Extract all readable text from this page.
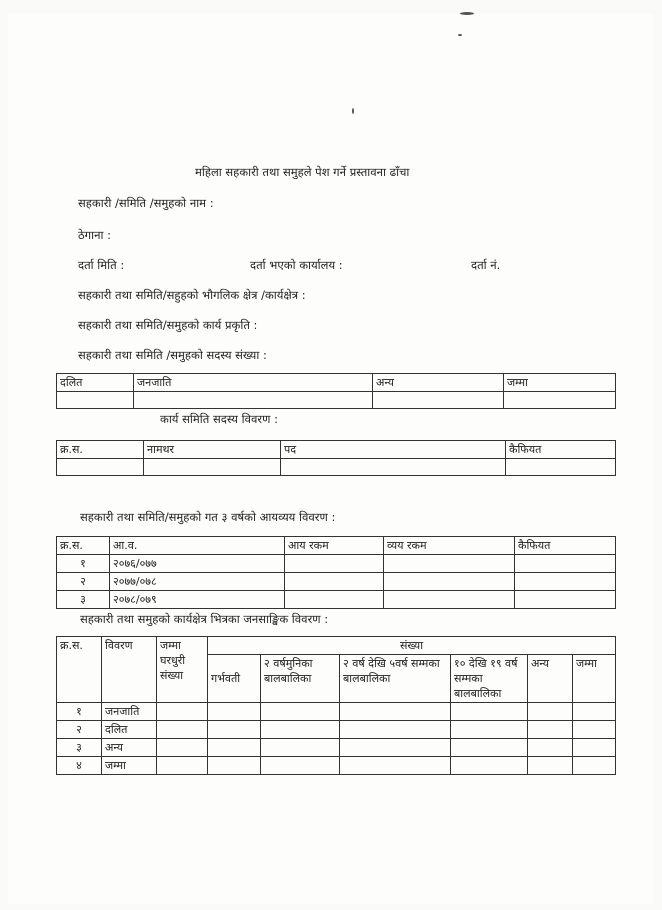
महिला सहकारी तथा समुहले पेश गर्ने प्रस्तावना ढाँचा
सहकारी /समिति /समुहको नाम :
ठेगाना :
दर्ता मिति :	दर्ता भएको कार्यालय :	दर्ता नं.
सहकारी तथा समिति/सहुहको भौगलिक क्षेत्र /कार्यक्षेत्र :
सहकारी तथा समिति/समुहको कार्य प्रकृति :
सहकारी तथा समिति /समुहको सदस्य संख्या :
दलित	जनजाति	अन्य	जम्मा

कार्य समिति सदस्य विवरण :
क्र.स.	नामथर	पद	कैफियत

सहकारी तथा समिति/समुहको गत ३ वर्षको आयव्यय विवरण :
क्र.स.	आ.व.	आय रकम	व्यय रकम	कैफियत
१	२०७६/०७७			
२	२०७७/०७८			
३	२०७८/०७९			
सहकारी तथा समुहको कार्यक्षेत्र भित्रका जनसाङ्खिक विवरण :
क्र.स.	विवरण	जम्मा घरधुरी संख्या	संख्या					
			गर्भवती	२ वर्षमुनिका बालबालिका	२ वर्ष देखि ५वर्ष सम्मका बालबालिका	१० देखि १९ वर्ष सम्मका बालबालिका	अन्य	जम्मा
१	जनजाति							
२	दलित							
३	अन्य							
४	जम्मा							
